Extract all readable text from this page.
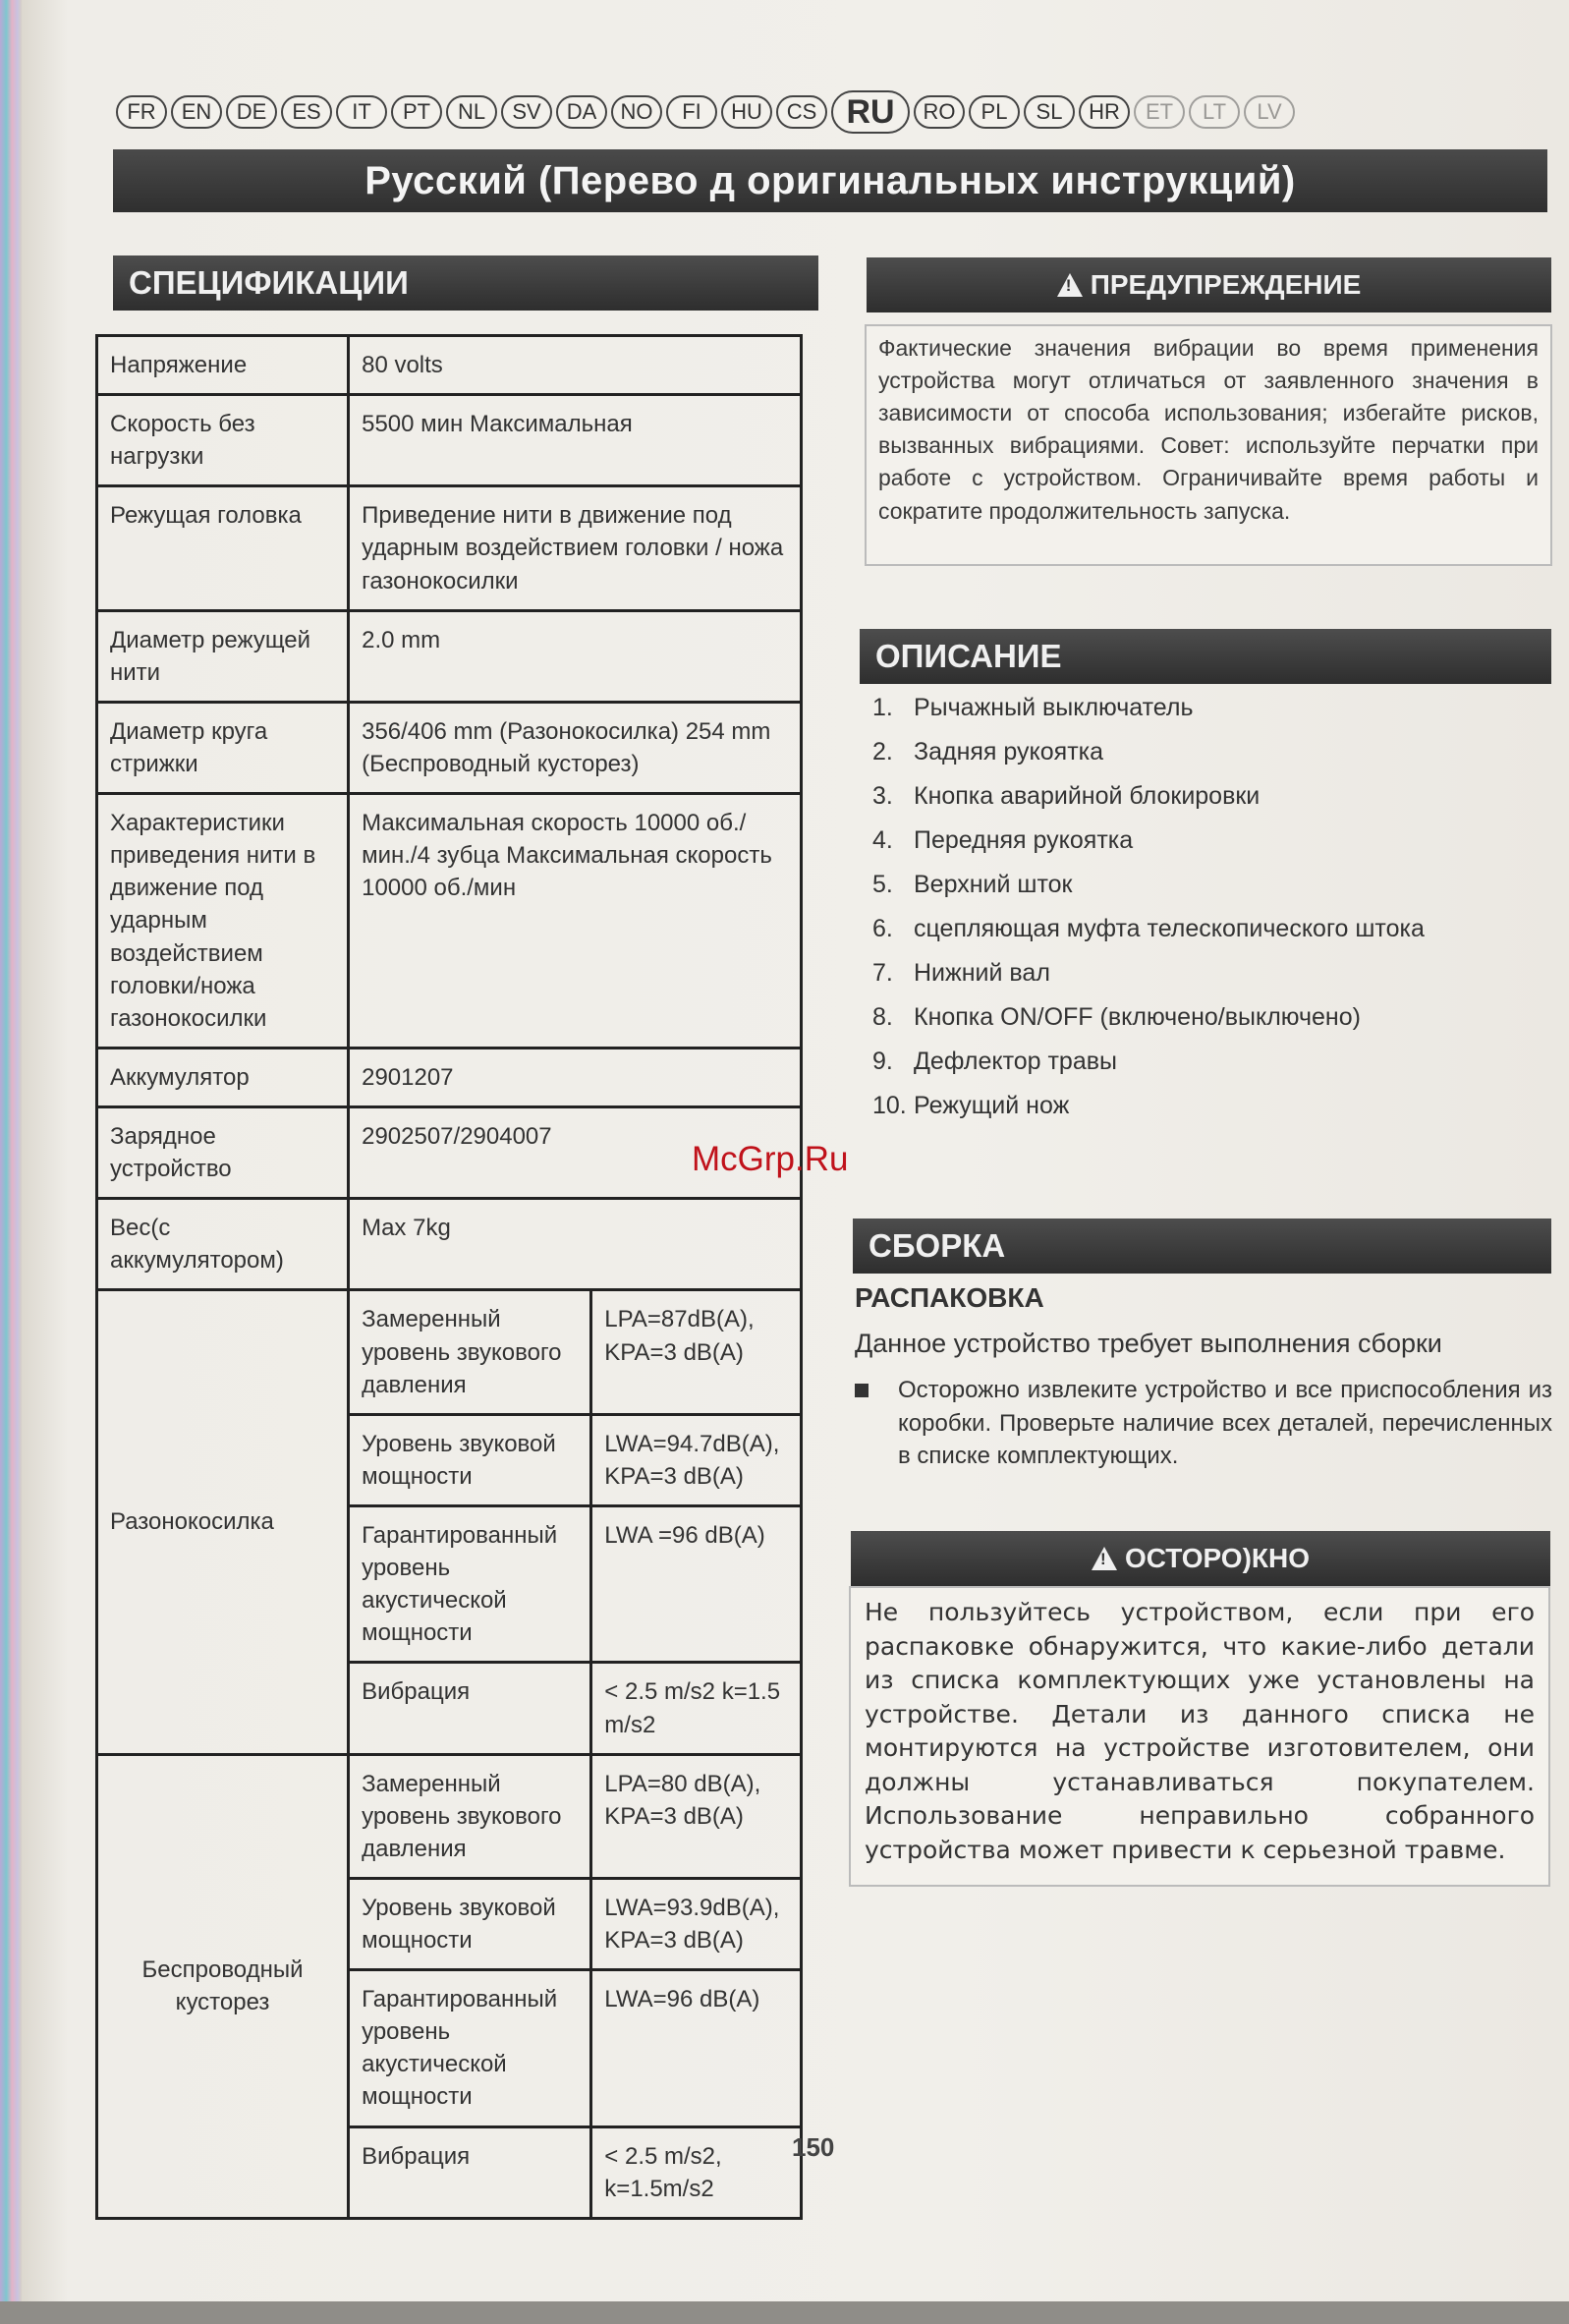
FR	EN	DE	ES	IT	PT	NL	SV	DA	NO	FI	HU	CS RU	RO	PL	SL	HR	ET	LT	LV
Русский (Перево д оригинальных инструкций)
СПЕЦИФИКАЦИИ
Напряжение	80 volts	
Скорость без нагрузки	5500 мин Максимальная	
Режущая головка	Приведение нити в движение под ударным воздействием головки / ножа газонокосилки	
Диаметр режущей нити	2.0 mm	
Диаметр круга стрижки	356/406 mm (Разонокосилка) 254 mm (Беспроводный кусторез)	
Характеристики приведения нити в движение под ударным воздействием головки/ножа газонокосилки	Максимальная скорость 10000 об./мин./4 зубца Максимальная скорость 10000 об./мин	
Аккумулятор	2901207	
Зарядное устройство	2902507/2904007	
Вес(с аккумулятором)	Max 7kg	
Разонокосилка	Замеренный уровень звукового давления	LPA=87dB(A), KPA=3 dB(A)
	Уровень звуковой мощности	LWA=94.7dB(A), KPA=3 dB(A)
	Гарантированный уровень акустической мощности	LWA =96 dB(A)
	Вибрация	< 2.5 m/s2 k=1.5 m/s2
Беспроводный кусторез	Замеренный уровень звукового давления	LPA=80 dB(A), KPA=3 dB(A)
	Уровень звуковой мощности	LWA=93.9dB(A), KPA=3 dB(A)
	Гарантированный уровень акустической мощности	LWA=96 dB(A)
	Вибрация	< 2.5 m/s2, k=1.5m/s2
!
ПРЕДУПРЕЖДЕНИЕ
Фактические значения вибрации во время применения устройства могут отличаться от заявленного значения в зависимости от способа использования; избегайте рисков, вызванных вибрациями. Совет: используйте перчатки при работе с устройством. Ограничивайте время работы и сократите продолжительность запуска.
ОПИСАНИЕ
1. Рычажный выключатель
2. Задняя рукоятка
3. Кнопка аварийной блокировки
4. Передняя рукоятка
5. Верхний шток
6. сцепляющая муфта телескопического штока
7. Нижний вал
8. Кнопка ON/OFF (включено/выключено)
9. Дефлектор травы
10. Режущий нож
McGrp.Ru
СБОРКА
РАСПАКОВКА
Данное устройство требует выполнения сборки
Осторожно извлеките устройство и все приспособления из коробки. Проверьте наличие всех деталей, перечисленных в списке комплектующих.
!
ОСТОРО)КНО
Не пользуйтесь устройством, если при его распаковке обнаружится, что какие-либо детали из списка комплектующих уже установлены на устройстве. Детали из данного списка не монтируются на устройстве изготовителем, они должны устанавливаться покупателем. Использование неправильно собранного устройства может привести к серьезной травме.
150
